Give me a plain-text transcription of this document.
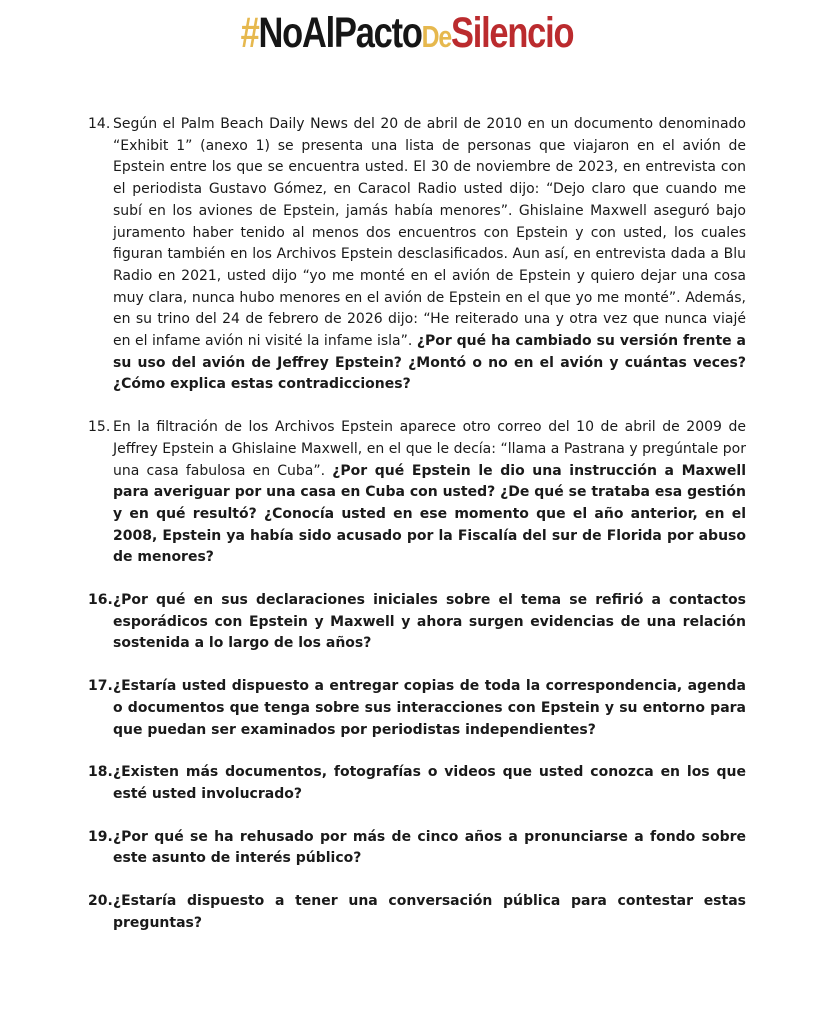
#NoAlPactoDeSilencio
14. Según el Palm Beach Daily News del 20 de abril de 2010 en un documento denominado “Exhibit 1” (anexo 1) se presenta una lista de personas que viajaron en el avión de Epstein entre los que se encuentra usted. El 30 de noviembre de 2023, en entrevista con el periodista Gustavo Gómez, en Caracol Radio usted dijo: “Dejo claro que cuando me subí en los aviones de Epstein, jamás había menores”. Ghislaine Maxwell aseguró bajo juramento haber tenido al menos dos encuentros con Epstein y con usted, los cuales figuran también en los Archivos Epstein desclasificados. Aun así, en entrevista dada a Blu Radio en 2021, usted dijo “yo me monté en el avión de Epstein y quiero dejar una cosa muy clara, nunca hubo menores en el avión de Epstein en el que yo me monté”. Además, en su trino del 24 de febrero de 2026 dijo: “He reiterado una y otra vez que nunca viajé en el infame avión ni visité la infame isla”. ¿Por qué ha cambiado su versión frente a su uso del avión de Jeffrey Epstein? ¿Montó o no en el avión y cuántas veces? ¿Cómo explica estas contradicciones?

15. En la filtración de los Archivos Epstein aparece otro correo del 10 de abril de 2009 de Jeffrey Epstein a Ghislaine Maxwell, en el que le decía: “llama a Pastrana y pregúntale por una casa fabulosa en Cuba”. ¿Por qué Epstein le dio una instrucción a Maxwell para averiguar por una casa en Cuba con usted? ¿De qué se trataba esa gestión y en qué resultó? ¿Conocía usted en ese momento que el año anterior, en el 2008, Epstein ya había sido acusado por la Fiscalía del sur de Florida por abuso de menores?

16. ¿Por qué en sus declaraciones iniciales sobre el tema se refirió a contactos esporádicos con Epstein y Maxwell y ahora surgen evidencias de una relación sostenida a lo largo de los años?

17. ¿Estaría usted dispuesto a entregar copias de toda la correspondencia, agenda o documentos que tenga sobre sus interacciones con Epstein y su entorno para que puedan ser examinados por periodistas independientes?

18. ¿Existen más documentos, fotografías o videos que usted conozca en los que esté usted involucrado?

19. ¿Por qué se ha rehusado por más de cinco años a pronunciarse a fondo sobre este asunto de interés público?

20. ¿Estaría dispuesto a tener una conversación pública para contestar estas preguntas?
